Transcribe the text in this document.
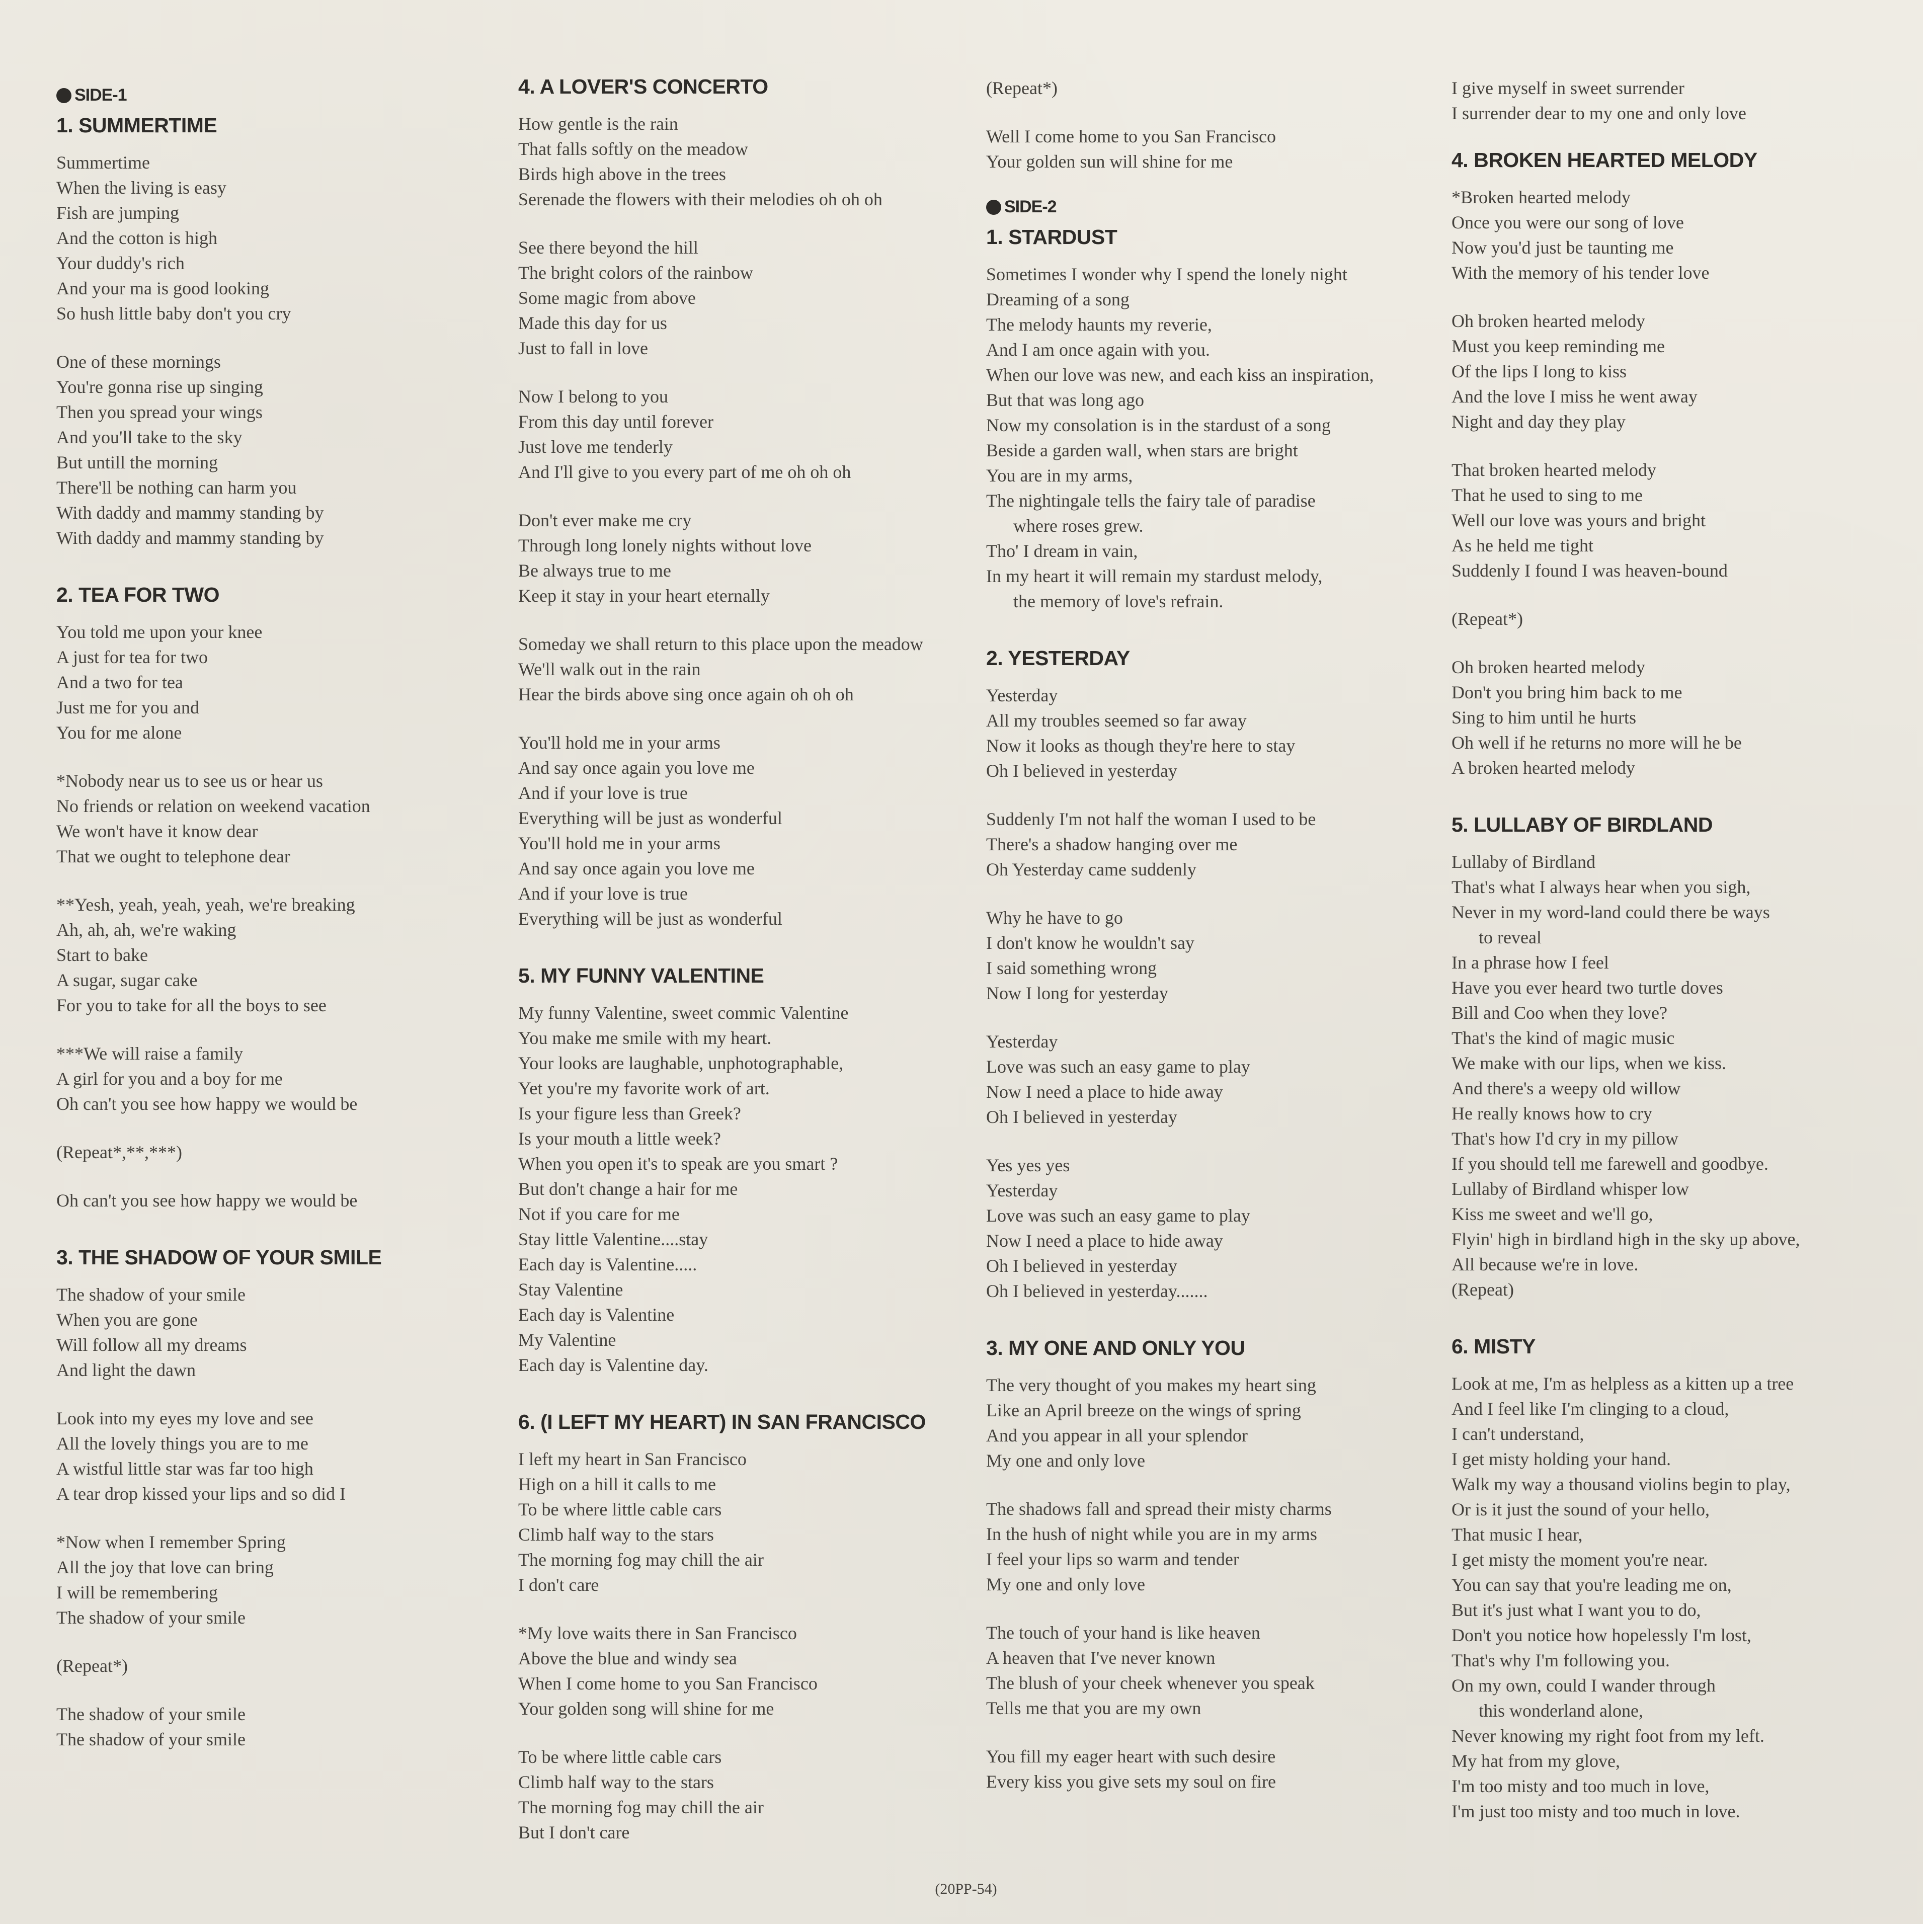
SIDE-1
1. SUMMERTIME
Summertime
When the living is easy
Fish are jumping
And the cotton is high
Your duddy's rich
And your ma is good looking
So hush little baby don't you cry
One of these mornings
You're gonna rise up singing
Then you spread your wings
And you'll take to the sky
But untill the morning
There'll be nothing can harm you
With daddy and mammy standing by
With daddy and mammy standing by
2. TEA FOR TWO
You told me upon your knee
A just for tea for two
And a two for tea
Just me for you and
You for me alone
*Nobody near us to see us or hear us
No friends or relation on weekend vacation
We won't have it know dear
That we ought to telephone dear
**Yesh, yeah, yeah, yeah, we're breaking
Ah, ah, ah, we're waking
Start to bake
A sugar, sugar cake
For you to take for all the boys to see
***We will raise a family
A girl for you and a boy for me
Oh can't you see how happy we would be
(Repeat*,**,***)
Oh can't you see how happy we would be
3. THE SHADOW OF YOUR SMILE
The shadow of your smile
When you are gone
Will follow all my dreams
And light the dawn
Look into my eyes my love and see
All the lovely things you are to me
A wistful little star was far too high
A tear drop kissed your lips and so did I
*Now when I remember Spring
All the joy that love can bring
I will be remembering
The shadow of your smile
(Repeat*)
The shadow of your smile
The shadow of your smile
4. A LOVER'S CONCERTO
How gentle is the rain
That falls softly on the meadow
Birds high above in the trees
Serenade the flowers with their melodies oh oh oh
See there beyond the hill
The bright colors of the rainbow
Some magic from above
Made this day for us
Just to fall in love
Now I belong to you
From this day until forever
Just love me tenderly
And I'll give to you every part of me oh oh oh
Don't ever make me cry
Through long lonely nights without love
Be always true to me
Keep it stay in your heart eternally
Someday we shall return to this place upon the meadow
We'll walk out in the rain
Hear the birds above sing once again oh oh oh
You'll hold me in your arms
And say once again you love me
And if your love is true
Everything will be just as wonderful
You'll hold me in your arms
And say once again you love me
And if your love is true
Everything will be just as wonderful
5. MY FUNNY VALENTINE
My funny Valentine, sweet commic Valentine
You make me smile with my heart.
Your looks are laughable, unphotographable,
Yet you're my favorite work of art.
Is your figure less than Greek?
Is your mouth a little week?
When you open it's to speak are you smart ?
But don't change a hair for me
Not if you care for me
Stay little Valentine....stay
Each day is Valentine.....
Stay Valentine
Each day is Valentine
My Valentine
Each day is Valentine day.
6. (I LEFT MY HEART) IN SAN FRANCISCO
I left my heart in San Francisco
High on a hill it calls to me
To be where little cable cars
Climb half way to the stars
The morning fog may chill the air
I don't care
*My love waits there in San Francisco
Above the blue and windy sea
When I come home to you San Francisco
Your golden song will shine for me
To be where little cable cars
Climb half way to the stars
The morning fog may chill the air
But I don't care
(Repeat*)
Well I come home to you San Francisco
Your golden sun will shine for me
SIDE-2
1. STARDUST
Sometimes I wonder why I spend the lonely night
Dreaming of a song
The melody haunts my reverie,
And I am once again with you.
When our love was new, and each kiss an inspiration,
But that was long ago
Now my consolation is in the stardust of a song
Beside a garden wall, when stars are bright
You are in my arms,
The nightingale tells the fairy tale of paradise
where roses grew.
Tho' I dream in vain,
In my heart it will remain my stardust melody,
the memory of love's refrain.
2. YESTERDAY
Yesterday
All my troubles seemed so far away
Now it looks as though they're here to stay
Oh I believed in yesterday
Suddenly I'm not half the woman I used to be
There's a shadow hanging over me
Oh Yesterday came suddenly
Why he have to go
I don't know he wouldn't say
I said something wrong
Now I long for yesterday
Yesterday
Love was such an easy game to play
Now I need a place to hide away
Oh I believed in yesterday
Yes yes yes
Yesterday
Love was such an easy game to play
Now I need a place to hide away
Oh I believed in yesterday
Oh I believed in yesterday.......
3. MY ONE AND ONLY YOU
The very thought of you makes my heart sing
Like an April breeze on the wings of spring
And you appear in all your splendor
My one and only love
The shadows fall and spread their misty charms
In the hush of night while you are in my arms
I feel your lips so warm and tender
My one and only love
The touch of your hand is like heaven
A heaven that I've never known
The blush of your cheek whenever you speak
Tells me that you are my own
You fill my eager heart with such desire
Every kiss you give sets my soul on fire
I give myself in sweet surrender
I surrender dear to my one and only love
4. BROKEN HEARTED MELODY
*Broken hearted melody
Once you were our song of love
Now you'd just be taunting me
With the memory of his tender love
Oh broken hearted melody
Must you keep reminding me
Of the lips I long to kiss
And the love I miss he went away
Night and day they play
That broken hearted melody
That he used to sing to me
Well our love was yours and bright
As he held me tight
Suddenly I found I was heaven-bound
(Repeat*)
Oh broken hearted melody
Don't you bring him back to me
Sing to him until he hurts
Oh well if he returns no more will he be
A broken hearted melody
5. LULLABY OF BIRDLAND
Lullaby of Birdland
That's what I always hear when you sigh,
Never in my word-land could there be ways
to reveal
In a phrase how I feel
Have you ever heard two turtle doves
Bill and Coo when they love?
That's the kind of magic music
We make with our lips, when we kiss.
And there's a weepy old willow
He really knows how to cry
That's how I'd cry in my pillow
If you should tell me farewell and goodbye.
Lullaby of Birdland whisper low
Kiss me sweet and we'll go,
Flyin' high in birdland high in the sky up above,
All because we're in love.
(Repeat)
6. MISTY
Look at me, I'm as helpless as a kitten up a tree
And I feel like I'm clinging to a cloud,
I can't understand,
I get misty holding your hand.
Walk my way a thousand violins begin to play,
Or is it just the sound of your hello,
That music I hear,
I get misty the moment you're near.
You can say that you're leading me on,
But it's just what I want you to do,
Don't you notice how hopelessly I'm lost,
That's why I'm following you.
On my own, could I wander through
this wonderland alone,
Never knowing my right foot from my left.
My hat from my glove,
I'm too misty and too much in love,
I'm just too misty and too much in love.
(20PP-54)
